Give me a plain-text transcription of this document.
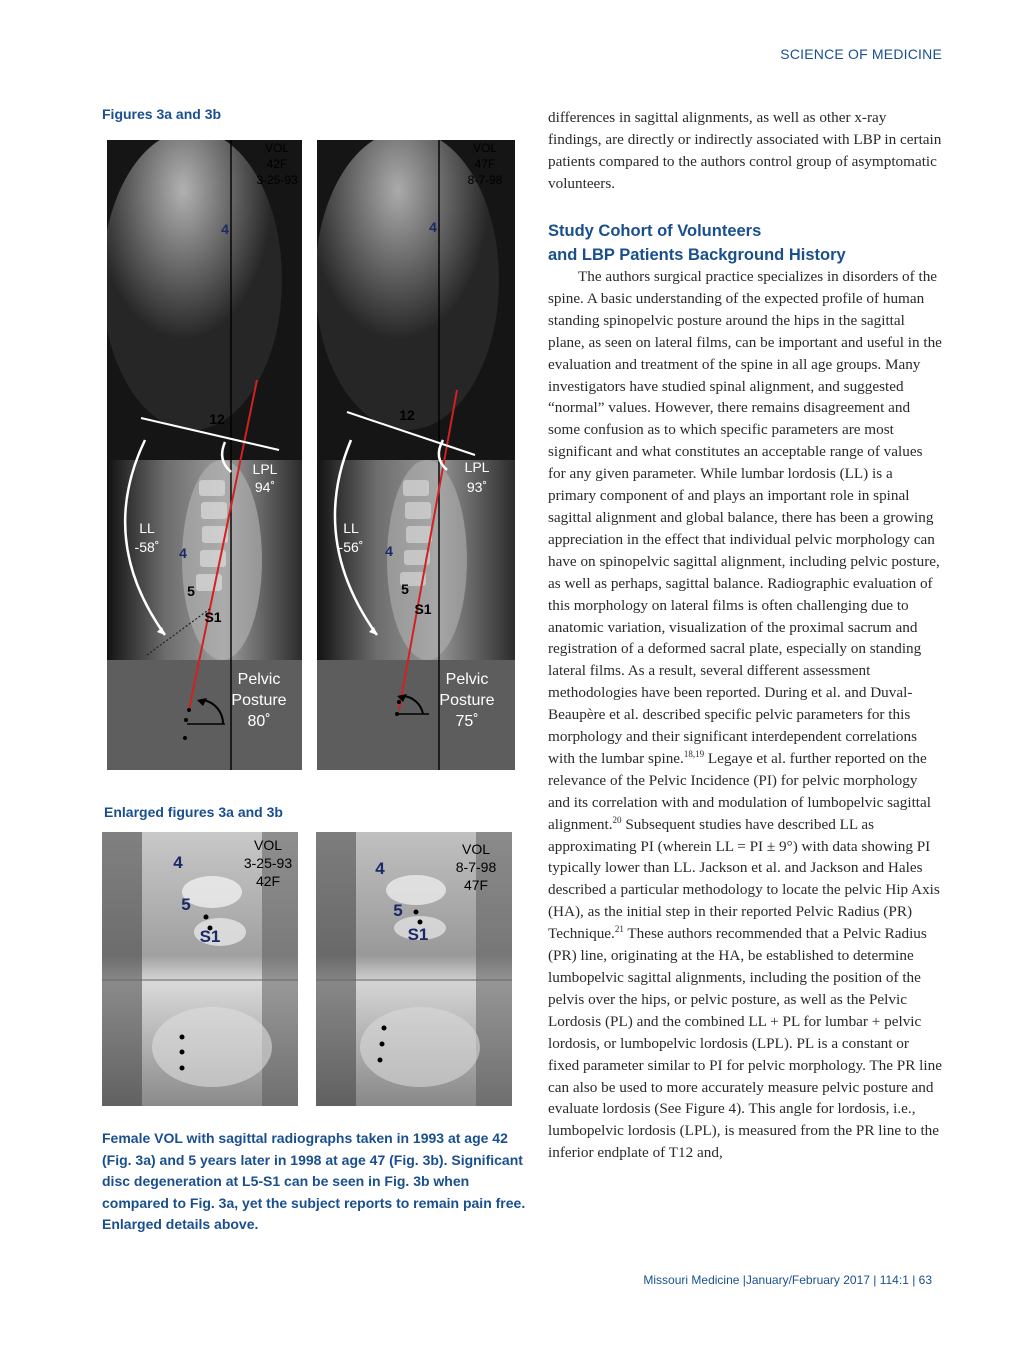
SCIENCE OF MEDICINE
Figures 3a and 3b
VOL
42F
3-25-93
4
12
LPL
94˚
LL
-58˚ 4
5
S1
Pelvic
Posture
80˚
VOL
47F
8-7-98
4
12
LPL
93˚
LL
-56˚ 4
5
S1
Pelvic
Posture
75˚
Enlarged figures 3a and 3b
4
5
S1
VOL
3-25-93
42F
4
5
S1
VOL
8-7-98
47F
Female VOL with sagittal radiographs taken in 1993 at age 42 (Fig. 3a) and 5 years later in 1998 at age 47 (Fig. 3b). Significant disc degeneration at L5-S1 can be seen in Fig. 3b when compared to Fig. 3a, yet the subject reports to remain pain free. Enlarged details above.

differences in sagittal alignments, as well as other x-ray findings, are directly or indirectly associated with LBP in certain patients compared to the authors control group of asymptomatic volunteers.

Study Cohort of Volunteers
and LBP Patients Background History

The authors surgical practice specializes in disorders of the spine. A basic understanding of the expected profile of human standing spinopelvic posture around the hips in the sagittal plane, as seen on lateral films, can be important and useful in the evaluation and treatment of the spine in all age groups. Many investigators have studied spinal alignment, and suggested “normal” values. However, there remains disagreement and some confusion as to which specific parameters are most significant and what constitutes an acceptable range of values for any given parameter. While lumbar lordosis (LL) is a primary component of and plays an important role in spinal sagittal alignment and global balance, there has been a growing appreciation in the effect that individual pelvic morphology can have on spinopelvic sagittal alignment, including pelvic posture, as well as perhaps, sagittal balance. Radiographic evaluation of this morphology on lateral films is often challenging due to anatomic variation, visualization of the proximal sacrum and registration of a deformed sacral plate, especially on standing lateral films. As a result, several different assessment methodologies have been reported. During et al. and Duval-Beaupère et al. described specific pelvic parameters for this morphology and their significant interdependent correlations with the lumbar spine.$^{18,19}$ Legaye et al. further reported on the relevance of the Pelvic Incidence (PI) for pelvic morphology and its correlation with and modulation of lumbopelvic sagittal alignment.$^{20}$ Subsequent studies have described LL as approximating PI (wherein LL = PI ± 9°) with data showing PI typically lower than LL. Jackson et al. and Jackson and Hales described a particular methodology to locate the pelvic Hip Axis (HA), as the initial step in their reported Pelvic Radius (PR) Technique.$^{21}$ These authors recommended that a Pelvic Radius (PR) line, originating at the HA, be established to determine lumbopelvic sagittal alignments, including the position of the pelvis over the hips, or pelvic posture, as well as the Pelvic Lordosis (PL) and the combined LL + PL for lumbar + pelvic lordosis, or lumbopelvic lordosis (LPL). PL is a constant or fixed parameter similar to PI for pelvic morphology. The PR line can also be used to more accurately measure pelvic posture and evaluate lordosis (See Figure 4). This angle for lordosis, i.e., lumbopelvic lordosis (LPL), is measured from the PR line to the inferior endplate of T12 and,

Missouri Medicine |January/February 2017 | 114:1 | 63
